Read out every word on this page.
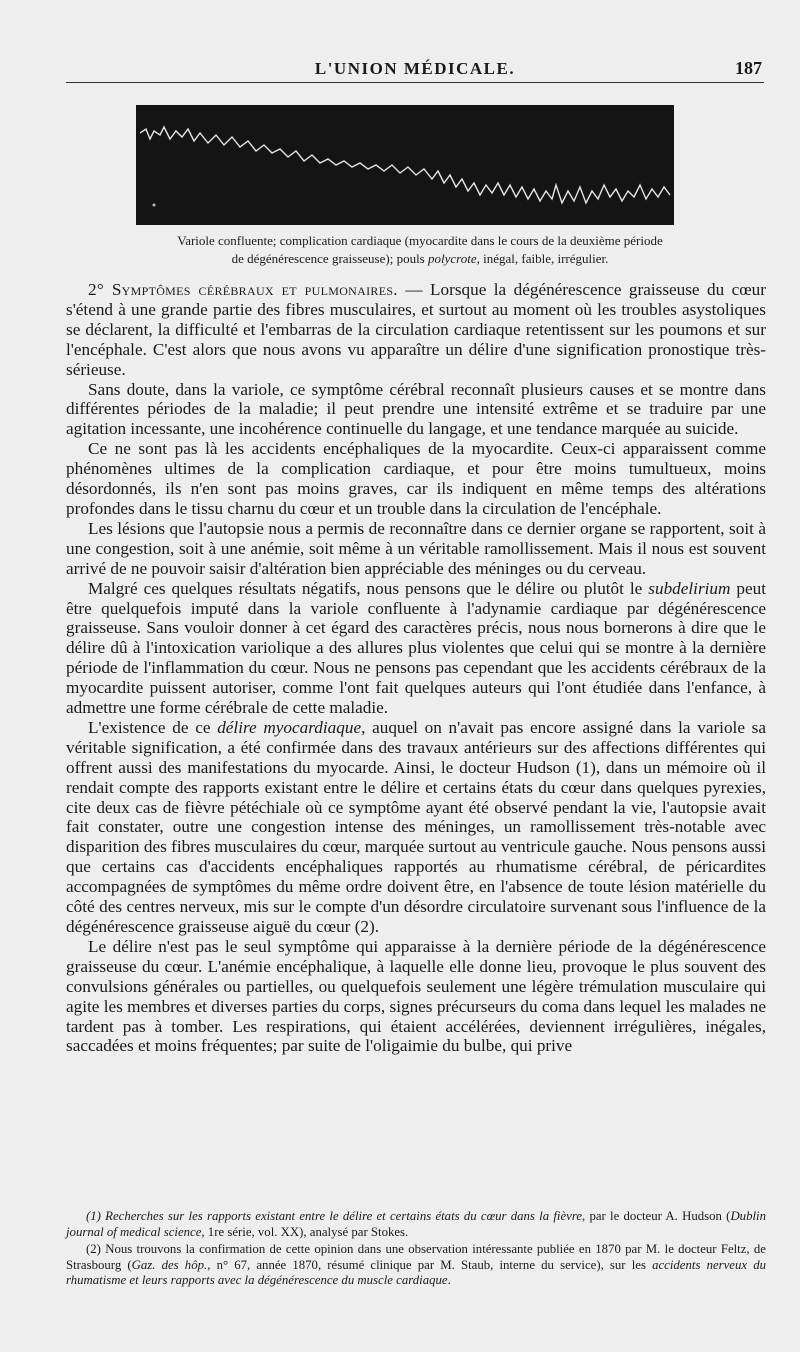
L'UNION MÉDICALE.	187
Variole confluente; complication cardiaque (myocardite dans le cours de la deuxième période
de dégénérescence graisseuse); pouls polycrote, inégal, faible, irrégulier.

2° Symptômes cérébraux et pulmonaires. — Lorsque la dégénérescence graisseuse du cœur s'étend à une grande partie des fibres musculaires, et surtout au moment où les troubles asystoliques se déclarent, la difficulté et l'embarras de la circulation cardiaque retentissent sur les poumons et sur l'encéphale. C'est alors que nous avons vu apparaître un délire d'une signification pronostique très-sérieuse.

Sans doute, dans la variole, ce symptôme cérébral reconnaît plusieurs causes et se montre dans différentes périodes de la maladie; il peut prendre une intensité extrême et se traduire par une agitation incessante, une incohérence continuelle du langage, et une tendance marquée au suicide.

Ce ne sont pas là les accidents encéphaliques de la myocardite. Ceux-ci apparaissent comme phénomènes ultimes de la complication cardiaque, et pour être moins tumultueux, moins désordonnés, ils n'en sont pas moins graves, car ils indiquent en même temps des altérations profondes dans le tissu charnu du cœur et un trouble dans la circulation de l'encéphale.

Les lésions que l'autopsie nous a permis de reconnaître dans ce dernier organe se rapportent, soit à une congestion, soit à une anémie, soit même à un véritable ramollissement. Mais il nous est souvent arrivé de ne pouvoir saisir d'altération bien appréciable des méninges ou du cerveau.

Malgré ces quelques résultats négatifs, nous pensons que le délire ou plutôt le subdelirium peut être quelquefois imputé dans la variole confluente à l'adynamie cardiaque par dégénérescence graisseuse. Sans vouloir donner à cet égard des caractères précis, nous nous bornerons à dire que le délire dû à l'intoxication variolique a des allures plus violentes que celui qui se montre à la dernière période de l'inflammation du cœur. Nous ne pensons pas cependant que les accidents cérébraux de la myocardite puissent autoriser, comme l'ont fait quelques auteurs qui l'ont étudiée dans l'enfance, à admettre une forme cérébrale de cette maladie.

L'existence de ce délire myocardiaque, auquel on n'avait pas encore assigné dans la variole sa véritable signification, a été confirmée dans des travaux antérieurs sur des affections différentes qui offrent aussi des manifestations du myocarde. Ainsi, le docteur Hudson (1), dans un mémoire où il rendait compte des rapports existant entre le délire et certains états du cœur dans quelques pyrexies, cite deux cas de fièvre pétéchiale où ce symptôme ayant été observé pendant la vie, l'autopsie avait fait constater, outre une congestion intense des méninges, un ramollissement très-notable avec disparition des fibres musculaires du cœur, marquée surtout au ventricule gauche. Nous pensons aussi que certains cas d'accidents encéphaliques rapportés au rhumatisme cérébral, de péricardites accompagnées de symptômes du même ordre doivent être, en l'absence de toute lésion matérielle du côté des centres nerveux, mis sur le compte d'un désordre circulatoire survenant sous l'influence de la dégénérescence graisseuse aiguë du cœur (2).

Le délire n'est pas le seul symptôme qui apparaisse à la dernière période de la dégénérescence graisseuse du cœur. L'anémie encéphalique, à laquelle elle donne lieu, provoque le plus souvent des convulsions générales ou partielles, ou quelquefois seulement une légère trémulation musculaire qui agite les membres et diverses parties du corps, signes précurseurs du coma dans lequel les malades ne tardent pas à tomber. Les respirations, qui étaient accélérées, deviennent irrégulières, inégales, saccadées et moins fréquentes; par suite de l'oligaimie du bulbe, qui prive

(1) Recherches sur les rapports existant entre le délire et certains états du cœur dans la fièvre, par le docteur A. Hudson (Dublin journal of medical science, 1re série, vol. XX), analysé par Stokes.

(2) Nous trouvons la confirmation de cette opinion dans une observation intéressante publiée en 1870 par M. le docteur Feltz, de Strasbourg (Gaz. des hôp., n° 67, année 1870, résumé clinique par M. Staub, interne du service), sur les accidents nerveux du rhumatisme et leurs rapports avec la dégénérescence du muscle cardiaque.
